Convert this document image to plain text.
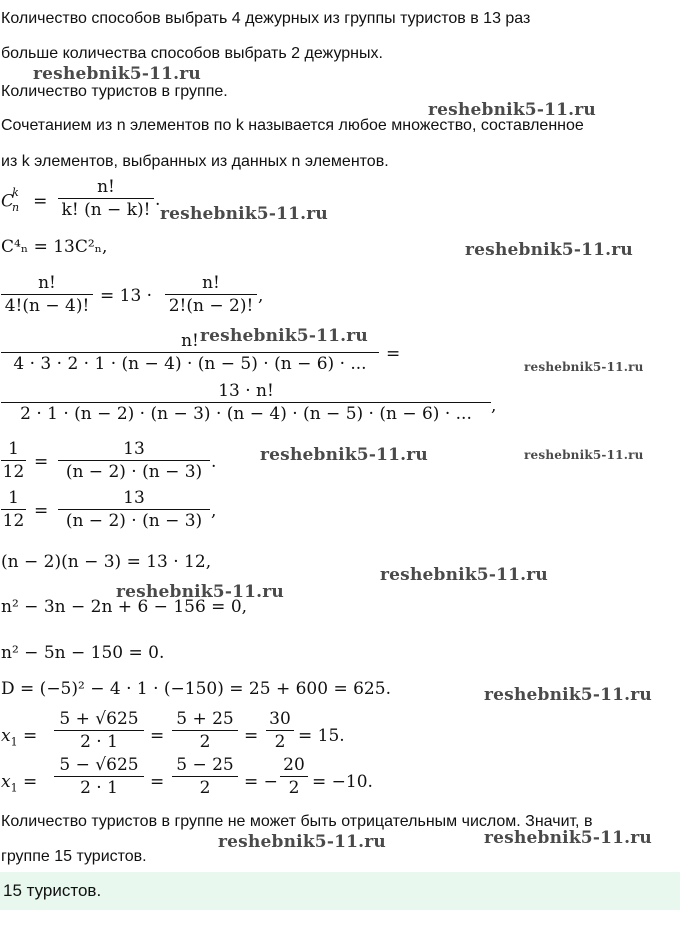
Количество способов выбрать 4 дежурных из группы туристов в 13 раз
больше количества способов выбрать 2 дежурных.
Количество туристов в группе.
Сочетанием из n элементов по k называется любое множество, составленное
из k элементов, выбранных из данных n элементов.
$C_n^k$ =
n!
k! (n − k)! .
C⁴ₙ = 13C²ₙ,
n!
4!(n − 4)! = 13 ·
n!
2!(n − 2)! ,
n!
4 · 3 · 2 · 1 · (n − 4) · (n − 5) · (n − 6) · ...	=
13 · n!
2 · 1 · (n − 2) · (n − 3) · (n − 4) · (n − 5) · (n − 6) · ...	,
1
12 =
13
(n − 2) · (n − 3) .
1
12 =
13
(n − 2) · (n − 3) ,
(n − 2)(n − 3) = 13 · 12,
n² − 3n − 2n + 6 − 156 = 0,
n² − 5n − 150 = 0.
D = (−5)² − 4 · 1 · (−150) = 25 + 600 = 625.
$x_1$ =
5 + √625
2 · 1	=
5 + 25
2	=
30
2 = 15.
$x_1$ =
5 − √625
2 · 1	=
5 − 25
2	= −
20
2 = −10.
Количество туристов в группе не может быть отрицательным числом. Значит, в
группе 15 туристов.
15 туристов.
reshebnik5-11.ru
reshebnik5-11.ru
reshebnik5-11.ru
reshebnik5-11.ru
reshebnik5-11.ru
reshebnik5-11.ru
reshebnik5-11.ru	reshebnik5-11.ru
reshebnik5-11.ru
reshebnik5-11.ru
reshebnik5-11.ru
reshebnik5-11.ru	reshebnik5-11.ru
